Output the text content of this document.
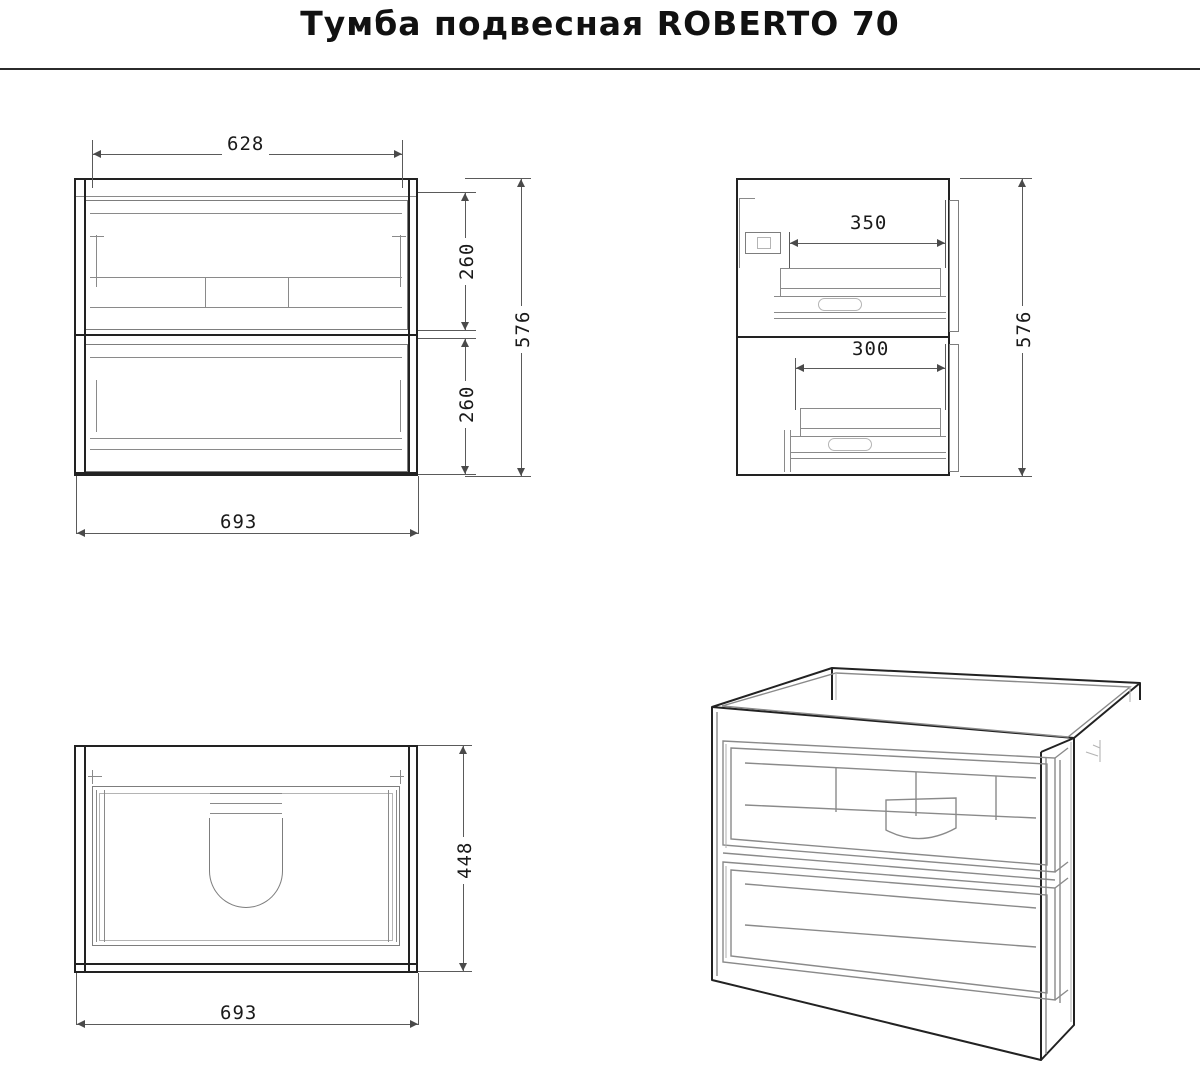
Тумба подвесная ROBERTO 70
628
693
260
260
576
350
300
576
448
693
